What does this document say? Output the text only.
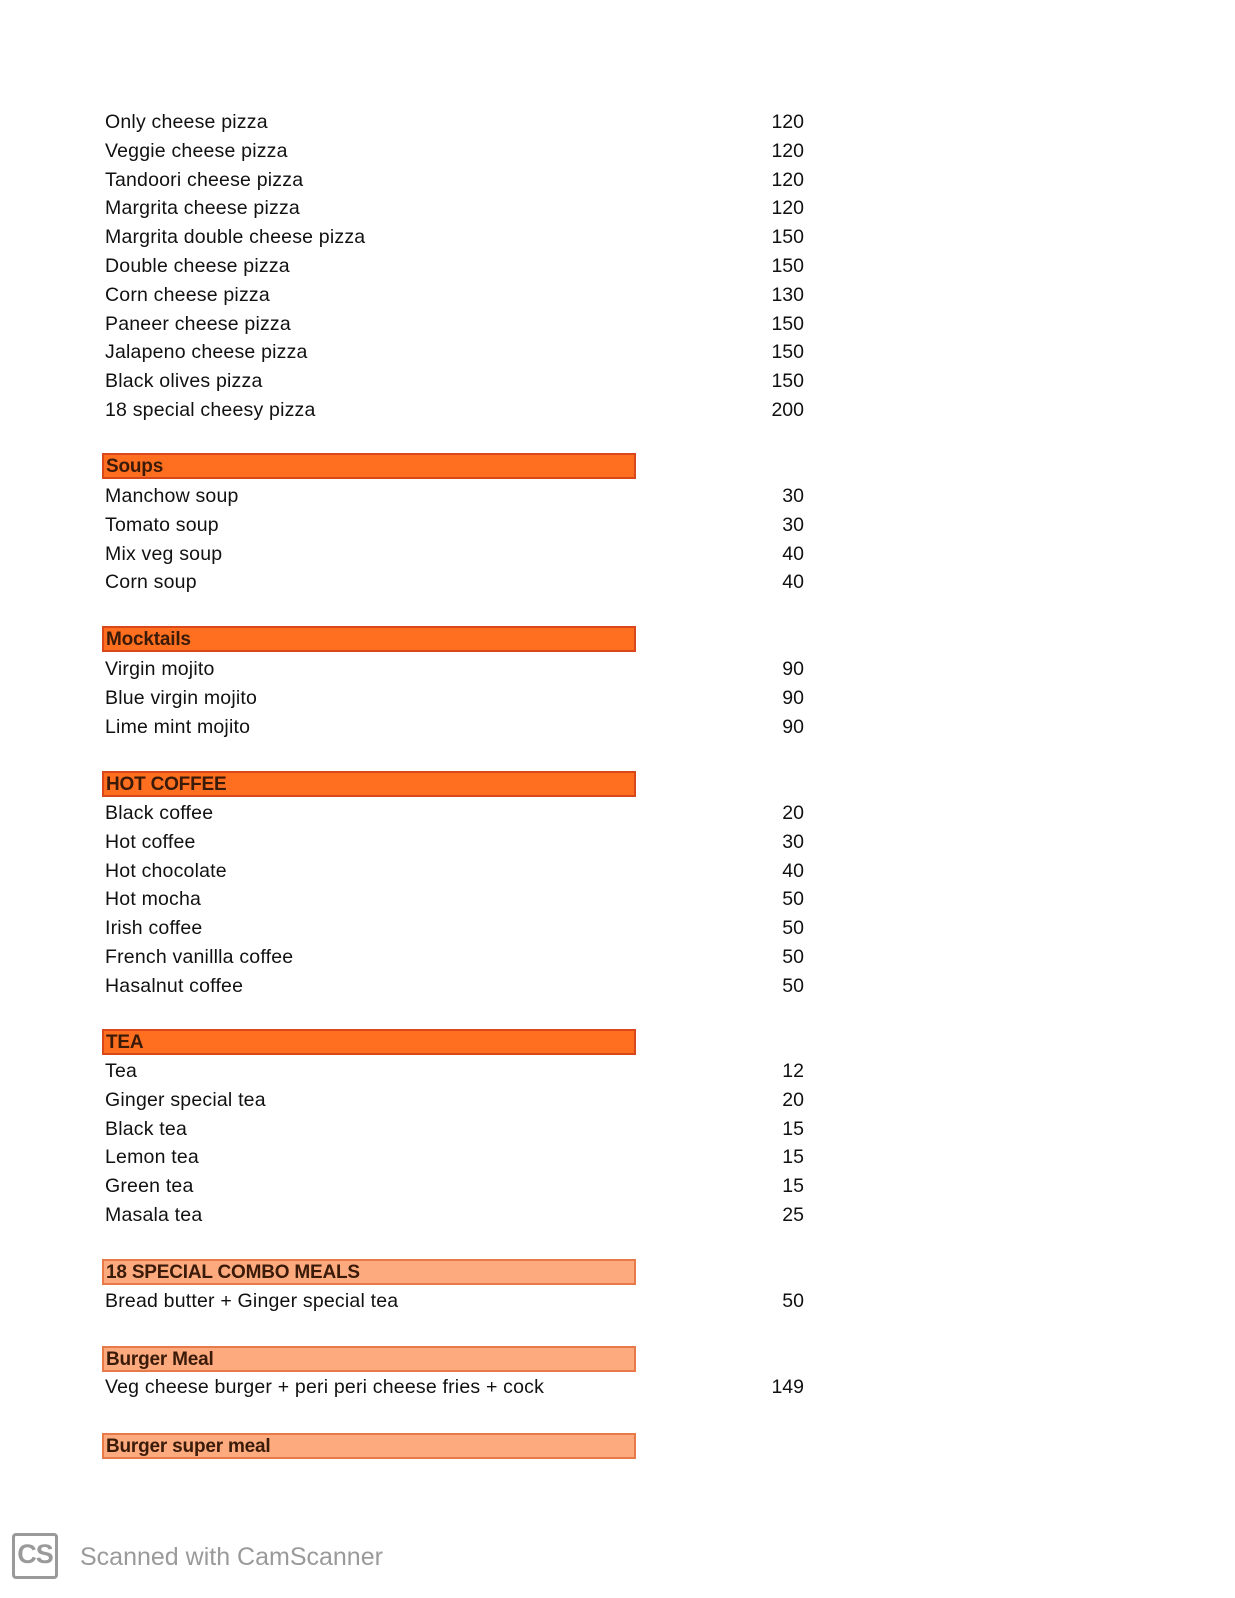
Only cheese pizza	120
Veggie cheese pizza	120
Tandoori cheese pizza	120
Margrita cheese pizza	120
Margrita double cheese pizza	150
Double cheese pizza	150
Corn cheese pizza	130
Paneer cheese pizza	150
Jalapeno cheese pizza	150
Black olives pizza	150
18 special cheesy pizza	200
Soups
Manchow soup	30
Tomato soup	30
Mix veg soup	40
Corn soup	40
Mocktails
Virgin mojito	90
Blue virgin mojito	90
Lime mint mojito	90
HOT COFFEE
Black coffee	20
Hot coffee	30
Hot chocolate	40
Hot mocha	50
Irish coffee	50
French vanillla coffee	50
Hasalnut coffee	50
TEA
Tea	12
Ginger special tea	20
Black tea	15
Lemon tea	15
Green tea	15
Masala tea	25
18 SPECIAL COMBO MEALS
Bread butter + Ginger special tea	50
Burger Meal
Veg cheese burger + peri peri cheese fries + cock	149
Burger super meal
CS Scanned with CamScanner
